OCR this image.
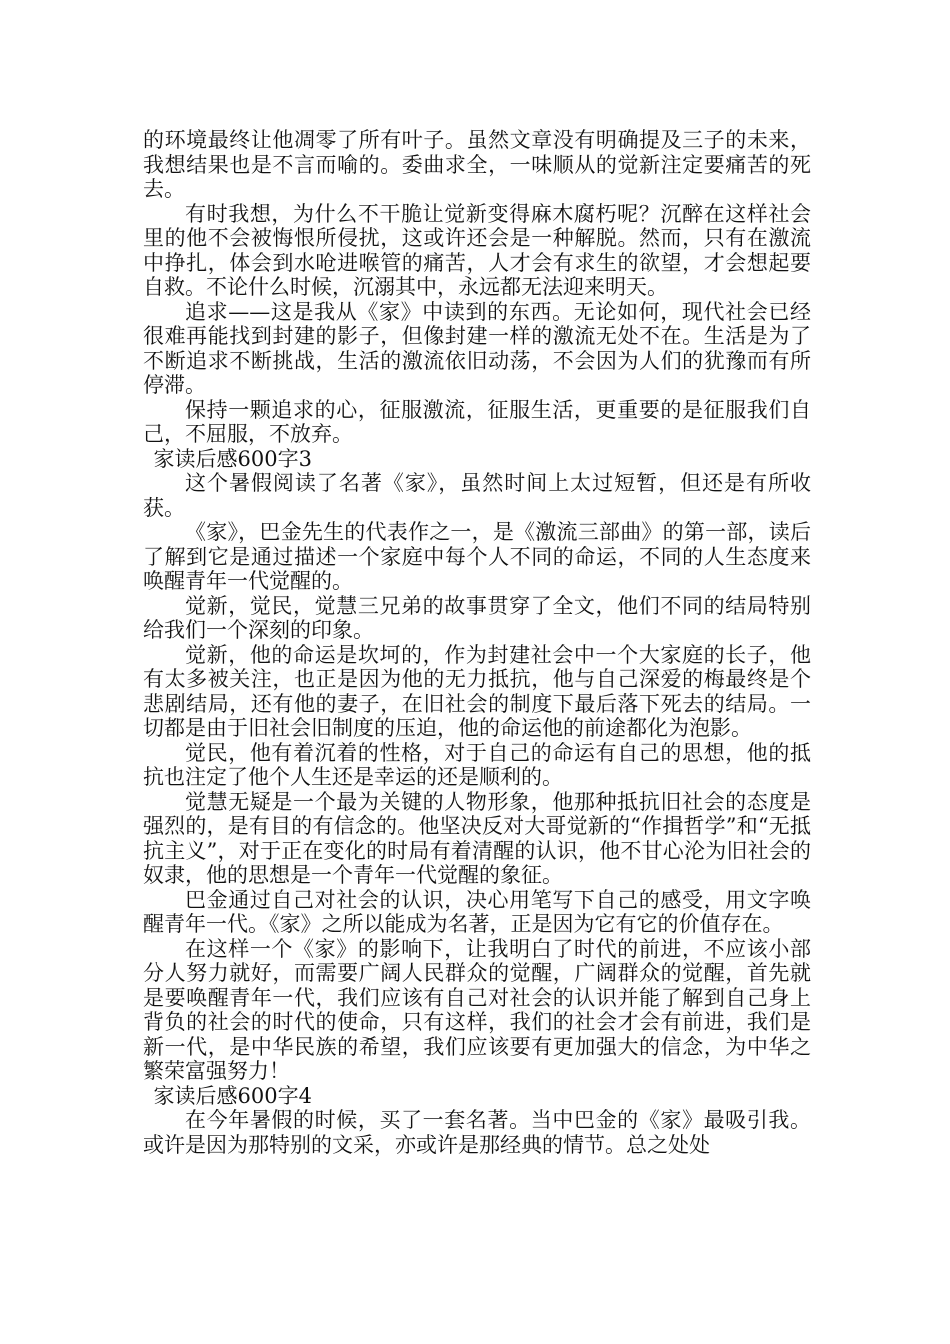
的环境最终让他凋零了所有叶子。虽然文章没有明确提及三子的未来，我想结果也是不言而喻的。委曲求全，一味顺从的觉新注定要痛苦的死去。

有时我想，为什么不干脆让觉新变得麻木腐朽呢？沉醉在这样社会里的他不会被悔恨所侵扰，这或许还会是一种解脱。然而，只有在激流中挣扎，体会到水呛进喉管的痛苦，人才会有求生的欲望，才会想起要自救。不论什么时候，沉溺其中，永远都无法迎来明天。

追求——这是我从《家》中读到的东西。无论如何，现代社会已经很难再能找到封建的影子，但像封建一样的激流无处不在。生活是为了不断追求不断挑战，生活的激流依旧动荡，不会因为人们的犹豫而有所停滞。

保持一颗追求的心，征服激流，征服生活，更重要的是征服我们自己，不屈服，不放弃。

家读后感600字3

这个暑假阅读了名著《家》，虽然时间上太过短暂，但还是有所收获。

《家》，巴金先生的代表作之一，是《激流三部曲》的第一部，读后了解到它是通过描述一个家庭中每个人不同的命运，不同的人生态度来唤醒青年一代觉醒的。

觉新，觉民，觉慧三兄弟的故事贯穿了全文，他们不同的结局特别给我们一个深刻的印象。

觉新，他的命运是坎坷的，作为封建社会中一个大家庭的长子，他有太多被关注，也正是因为他的无力抵抗，他与自己深爱的梅最终是个悲剧结局，还有他的妻子，在旧社会的制度下最后落下死去的结局。一切都是由于旧社会旧制度的压迫，他的命运他的前途都化为泡影。

觉民，他有着沉着的性格，对于自己的命运有自己的思想，他的抵抗也注定了他个人生还是幸运的还是顺利的。

觉慧无疑是一个最为关键的人物形象，他那种抵抗旧社会的态度是强烈的，是有目的有信念的。他坚决反对大哥觉新的“作揖哲学”和“无抵抗主义”，对于正在变化的时局有着清醒的认识，他不甘心沦为旧社会的奴隶，他的思想是一个青年一代觉醒的象征。

巴金通过自己对社会的认识，决心用笔写下自己的感受，用文字唤醒青年一代。《家》之所以能成为名著，正是因为它有它的价值存在。

在这样一个《家》的影响下，让我明白了时代的前进，不应该小部分人努力就好，而需要广阔人民群众的觉醒，广阔群众的觉醒，首先就是要唤醒青年一代，我们应该有自己对社会的认识并能了解到自己身上背负的社会的时代的使命，只有这样，我们的社会才会有前进，我们是新一代，是中华民族的希望，我们应该要有更加强大的信念，为中华之繁荣富强努力！

家读后感600字4

在今年暑假的时候，买了一套名著。当中巴金的《家》最吸引我。或许是因为那特别的文采，亦或许是那经典的情节。总之处处
